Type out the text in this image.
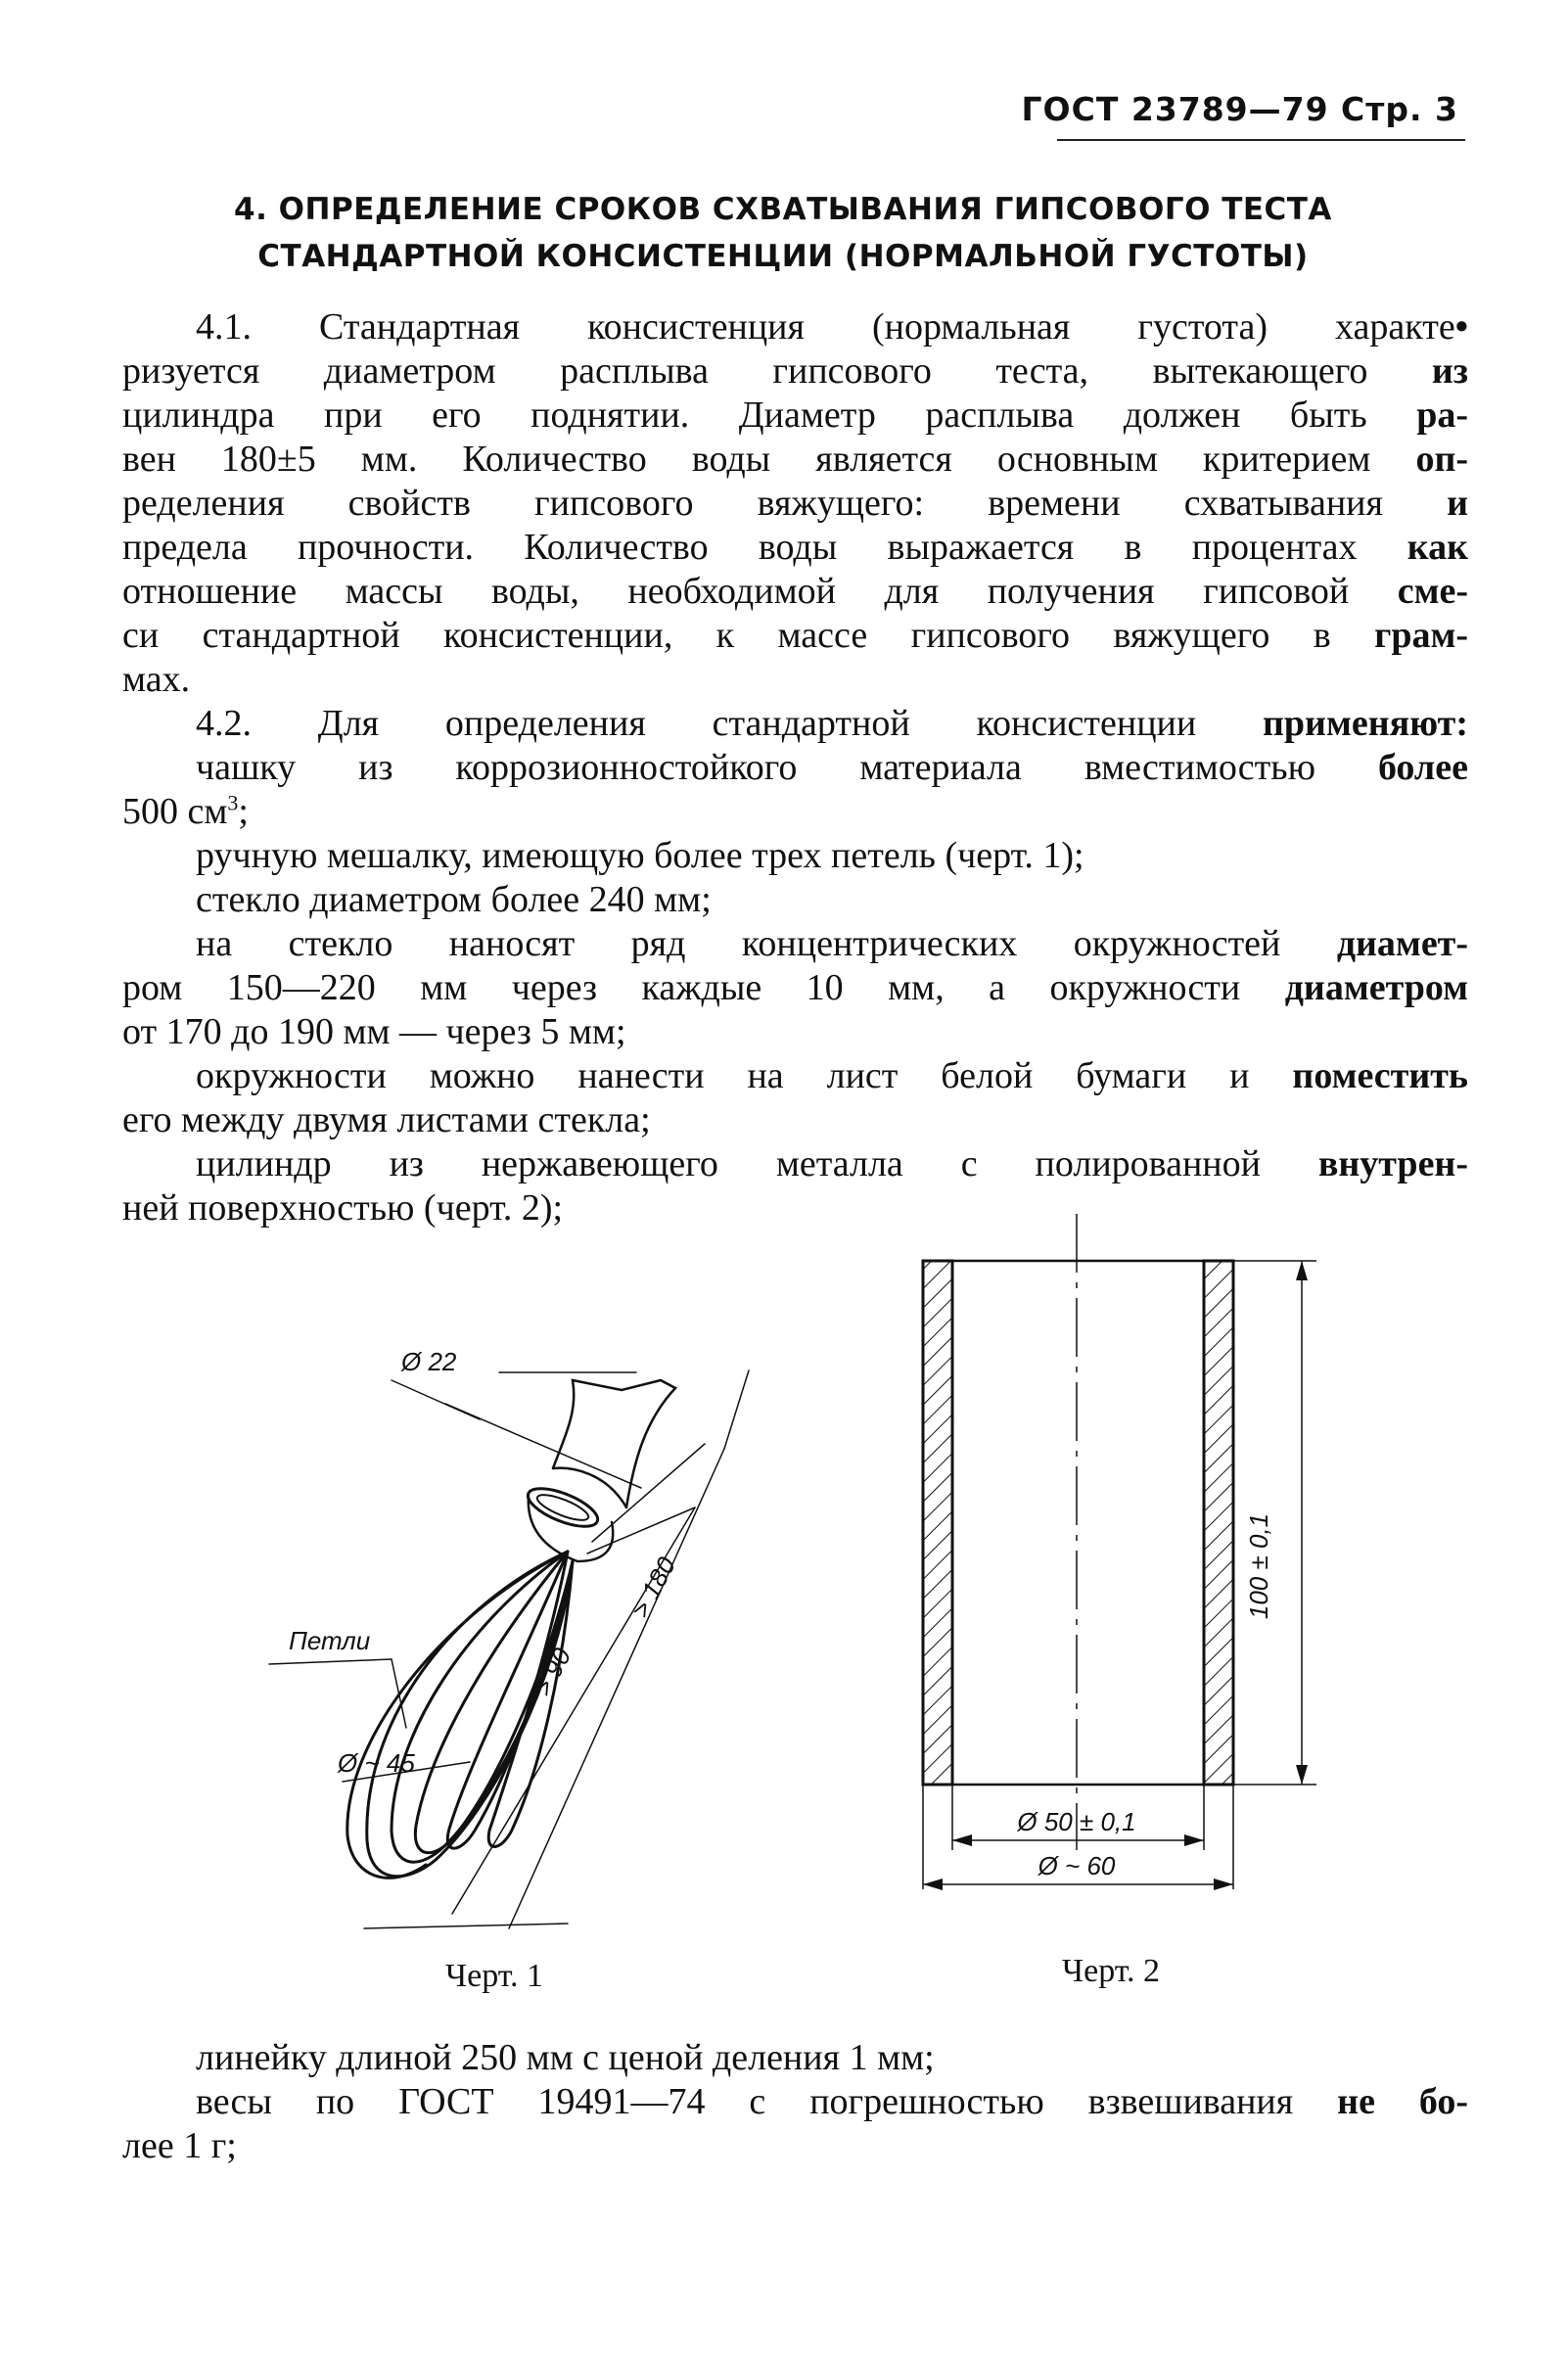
ГОСТ 23789—79 Стр. 3
4. ОПРЕДЕЛЕНИЕ СРОКОВ СХВАТЫВАНИЯ ГИПСОВОГО ТЕСТА
СТАНДАРТНОЙ КОНСИСТЕНЦИИ (НОРМАЛЬНОЙ ГУСТОТЫ)
4.1. Стандартная консистенция (нормальная густота) характе•
ризуется диаметром расплыва гипсового теста, вытекающего из
цилиндра при его поднятии. Диаметр расплыва должен быть ра-
вен 180±5 мм. Количество воды является основным критерием оп-
ределения свойств гипсового вяжущего: времени схватывания и
предела прочности. Количество воды выражается в процентах как
отношение массы воды, необходимой для получения гипсовой сме-
си стандартной консистенции, к массе гипсового вяжущего в грам-
мах.
4.2. Для определения стандартной консистенции применяют:
чашку из коррозионностойкого материала вместимостью более
500 $см^3$;
ручную мешалку, имеющую более трех петель (черт. 1);
стекло диаметром более 240 мм;
на стекло наносят ряд концентрических окружностей диамет-
ром 150—220 мм через каждые 10 мм, а окружности диаметром
от 170 до 190 мм — через 5 мм;
окружности можно нанести на лист белой бумаги и поместить
его между двумя листами стекла;
цилиндр из нержавеющего металла с полированной внутрен-
ней поверхностью (черт. 2);
Ø 22
Петли
Ø ~ 45
> 90
> 180
Черт. 1
100 ± 0,1
Ø 50 ± 0,1
Ø ~ 60
Черт. 2
линейку длиной 250 мм с ценой деления 1 мм;
весы по ГОСТ 19491—74 с погрешностью взвешивания не бо-
лее 1 г;
